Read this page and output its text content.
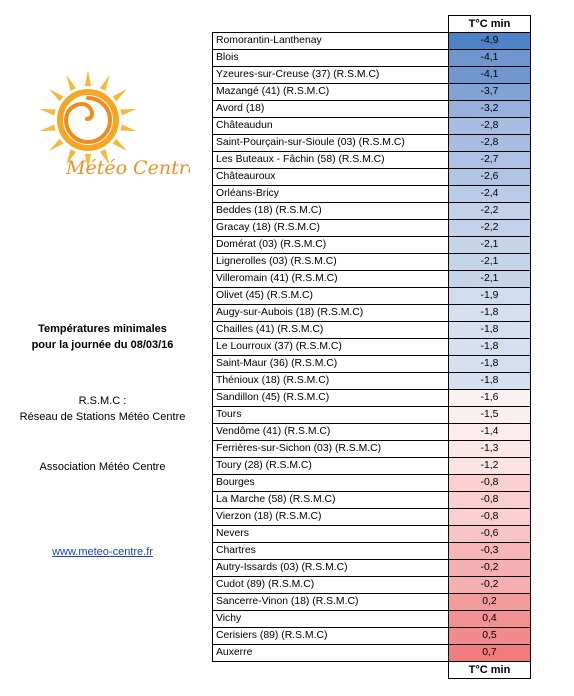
Météo Centre
Températures minimales
pour la journée du 08/03/16
R.S.M.C :
Réseau de Stations Météo Centre
Association Météo Centre
www.meteo-centre.fr
	T°C min
Romorantin-Lanthenay	-4,9
Blois	-4,1
Yzeures-sur-Creuse (37) (R.S.M.C)	-4,1
Mazangé (41) (R.S.M.C)	-3,7
Avord (18)	-3,2
Châteaudun	-2,8
Saint-Pourçain-sur-Sioule (03) (R.S.M.C)	-2,8
Les Buteaux - Fâchin (58) (R.S.M.C)	-2,7
Châteauroux	-2,6
Orléans-Bricy	-2,4
Beddes (18) (R.S.M.C)	-2,2
Gracay (18) (R.S.M.C)	-2,2
Domérat (03) (R.S.M.C)	-2,1
Lignerolles (03) (R.S.M.C)	-2,1
Villeromain (41) (R.S.M.C)	-2,1
Olivet (45) (R.S.M.C)	-1,9
Augy-sur-Aubois (18) (R.S.M.C)	-1,8
Chailles (41) (R.S.M.C)	-1,8
Le Lourroux (37) (R.S.M.C)	-1,8
Saint-Maur (36) (R.S.M.C)	-1,8
Thénioux (18) (R.S.M.C)	-1,8
Sandillon (45) (R.S.M.C)	-1,6
Tours	-1,5
Vendôme (41) (R.S.M.C)	-1,4
Ferrières-sur-Sichon (03) (R.S.M.C)	-1,3
Toury (28) (R.S.M.C)	-1,2
Bourges	-0,8
La Marche (58) (R.S.M.C)	-0,8
Vierzon (18) (R.S.M.C)	-0,8
Nevers	-0,6
Chartres	-0,3
Autry-Issards (03) (R.S.M.C)	-0,2
Cudot (89) (R.S.M.C)	-0,2
Sancerre-Vinon (18) (R.S.M.C)	0,2
Vichy	0,4
Cerisiers (89) (R.S.M.C)	0,5
Auxerre	0,7
	T°C min
